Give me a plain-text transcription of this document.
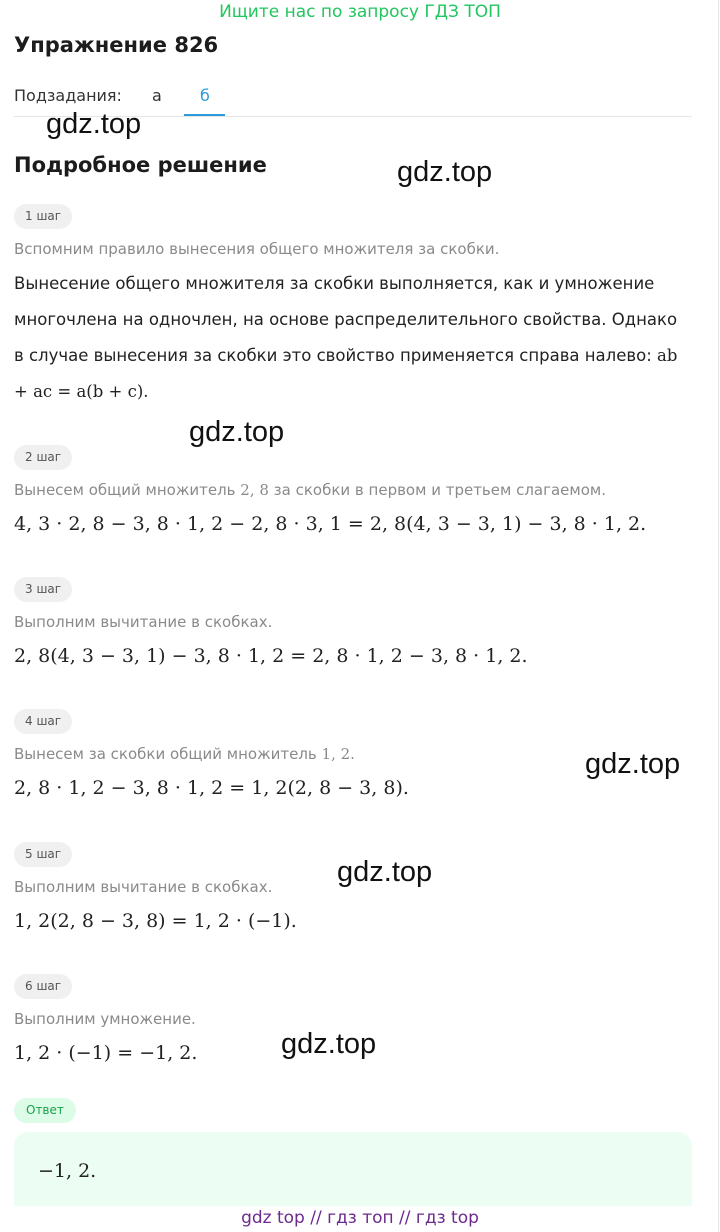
Ищите нас по запросу ГДЗ ТОП
Упражнение 826
Подзадания: а б
Подробное решение
1 шаг
Вспомним правило вынесения общего множителя за скобки.
Вынесение общего множителя за скобки выполняется, как и умножение многочлена на одночлен, на основе распределительного свойства. Однако в случае вынесения за скобки это свойство применяется справа налево: ab + ac = a(b + c).
2 шаг
Вынесем общий множитель 2, 8 за скобки в первом и третьем слагаемом.
4, 3 · 2, 8 − 3, 8 · 1, 2 − 2, 8 · 3, 1 = 2, 8(4, 3 − 3, 1) − 3, 8 · 1, 2.
3 шаг
Выполним вычитание в скобках.
2, 8(4, 3 − 3, 1) − 3, 8 · 1, 2 = 2, 8 · 1, 2 − 3, 8 · 1, 2.
4 шаг
Вынесем за скобки общий множитель 1, 2.
2, 8 · 1, 2 − 3, 8 · 1, 2 = 1, 2(2, 8 − 3, 8).
5 шаг
Выполним вычитание в скобках.
1, 2(2, 8 − 3, 8) = 1, 2 · (−1).
6 шаг
Выполним умножение.
1, 2 · (−1) = −1, 2.
Ответ
−1, 2.
gdz.top
gdz.top
gdz.top
gdz.top
gdz.top
gdz.top
gdz top // гдз топ // гдз top
